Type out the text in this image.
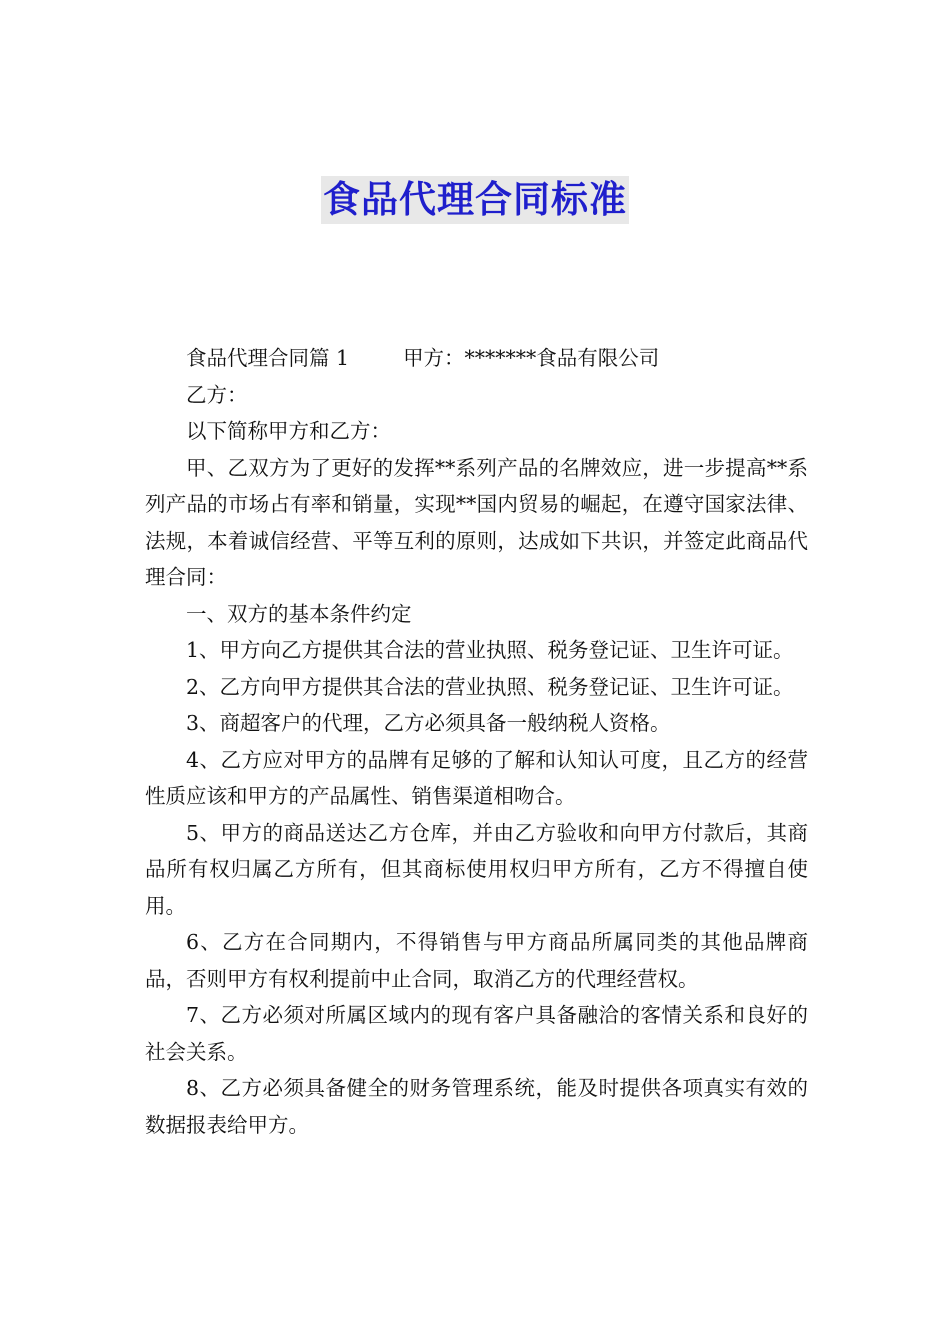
食品代理合同标准

食品代理合同篇 1	甲方：*******食品有限公司

乙方：

以下简称甲方和乙方：

甲、乙双方为了更好的发挥**系列产品的名牌效应，进一步提高**系列产品的市场占有率和销量，实现**国内贸易的崛起，在遵守国家法律、法规，本着诚信经营、平等互利的原则，达成如下共识，并签定此商品代理合同：

一、双方的基本条件约定

1、甲方向乙方提供其合法的营业执照、税务登记证、卫生许可证。

2、乙方向甲方提供其合法的营业执照、税务登记证、卫生许可证。

3、商超客户的代理，乙方必须具备一般纳税人资格。

4、乙方应对甲方的品牌有足够的了解和认知认可度，且乙方的经营性质应该和甲方的产品属性、销售渠道相吻合。

5、甲方的商品送达乙方仓库，并由乙方验收和向甲方付款后，其商品所有权归属乙方所有，但其商标使用权归甲方所有，乙方不得擅自使用。

6、乙方在合同期内，不得销售与甲方商品所属同类的其他品牌商品，否则甲方有权利提前中止合同，取消乙方的代理经营权。

7、乙方必须对所属区域内的现有客户具备融洽的客情关系和良好的社会关系。

8、乙方必须具备健全的财务管理系统，能及时提供各项真实有效的数据报表给甲方。
